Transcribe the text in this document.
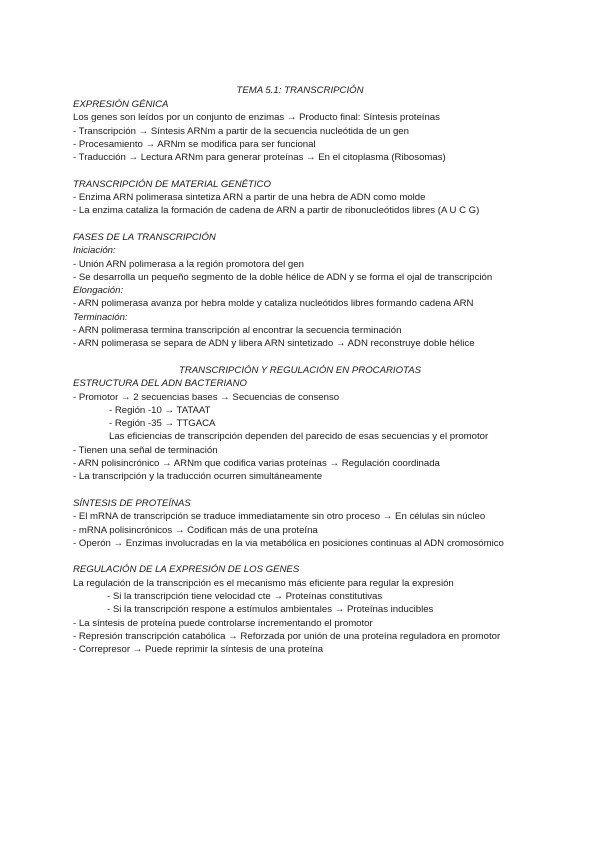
TEMA 5.1: TRANSCRIPCIÓN

EXPRESIÓN GÉNICA

Los genes son leídos por un conjunto de enzimas → Producto final: Síntesis proteínas

- Transcripción → Síntesis ARNm a partir de la secuencia nucleótida de un gen

- Procesamiento → ARNm se modifica para ser funcional

- Traducción → Lectura ARNm para generar proteínas → En el citoplasma (Ribosomas)

TRANSCRIPCIÓN DE MATERIAL GENÉTICO

- Enzima ARN polimerasa sintetiza ARN a partir de una hebra de ADN como molde

- La enzima cataliza la formación de cadena de ARN a partir de ribonucleótidos libres (A U C G)

FASES DE LA TRANSCRIPCIÓN

Iniciación:

- Unión ARN polimerasa a la región promotora del gen

- Se desarrolla un pequeño segmento de la doble hélice de ADN y se forma el ojal de transcripción

Elongación:

- ARN polimerasa avanza por hebra molde y cataliza nucleótidos libres formando cadena ARN

Terminación:

- ARN polimerasa termina transcripción al encontrar la secuencia terminación

- ARN polimerasa se separa de ADN y libera ARN sintetizado → ADN reconstruye doble hélice

TRANSCRIPCIÓN Y REGULACIÓN EN PROCARIOTAS

ESTRUCTURA DEL ADN BACTERIANO

- Promotor → 2 secuencias bases → Secuencias de consenso

- Región -10 → TATAAT

- Región -35 → TTGACA

Las eficiencias de transcripción dependen del parecido de esas secuencias y el promotor

- Tienen una señal de terminación

- ARN polisincrónico → ARNm que codifica varias proteínas → Regulación coordinada

- La transcripción y la traducción ocurren simultáneamente

SÍNTESIS DE PROTEÍNAS

- El mRNA de transcripción se traduce immediatamente sin otro proceso → En células sin núcleo

- mRNA polisincrónicos → Codifican más de una proteína

- Operón → Enzimas involucradas en la via metabólica en posiciones continuas al ADN cromosómico

REGULACIÓN DE LA EXPRESIÓN DE LOS GENES

La regulación de la transcripción es el mecanismo más eficiente para regular la expresión

- Si la transcripción tiene velocidad cte → Proteínas constitutivas

- Si la transcripción respone a estímulos ambientales → Proteínas inducibles

- La síntesis de proteína puede controlarse incrementando el promotor

- Represión transcripción catabólica → Reforzada por unión de una proteína reguladora en promotor

- Correpresor → Puede reprimir la síntesis de una proteína
